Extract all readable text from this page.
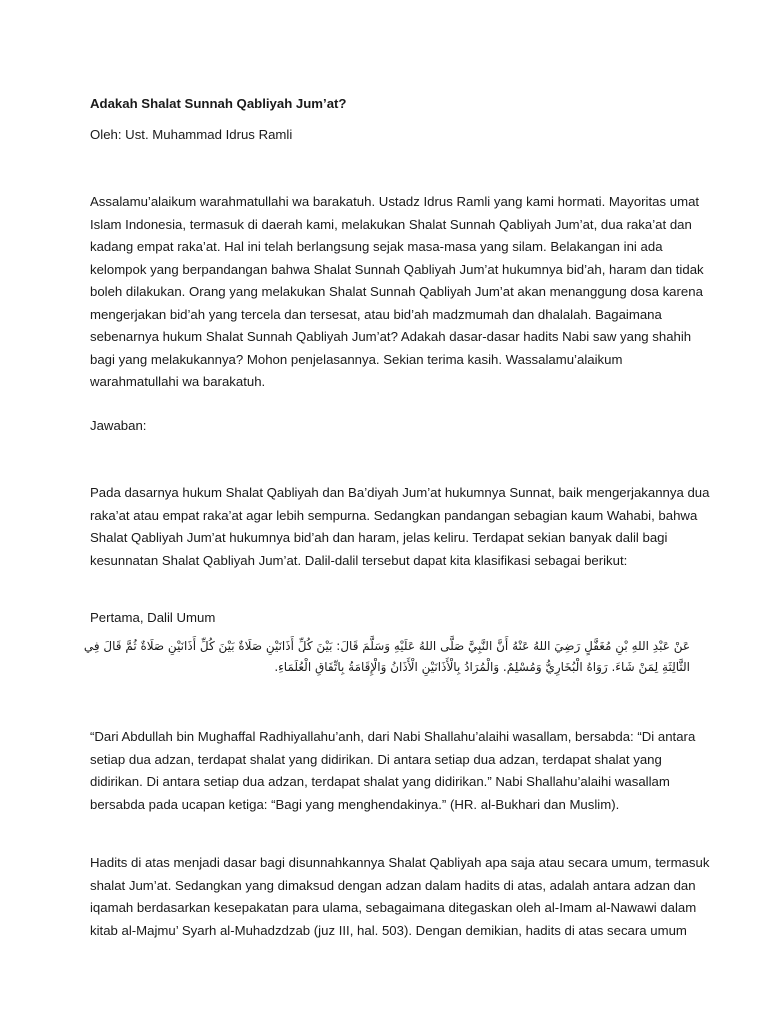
Adakah Shalat Sunnah Qabliyah Jum’at?

Oleh: Ust. Muhammad Idrus Ramli

Assalamu’alaikum warahmatullahi wa barakatuh. Ustadz Idrus Ramli yang kami hormati. Mayoritas umat

Islam Indonesia, termasuk di daerah kami, melakukan Shalat Sunnah Qabliyah Jum’at, dua raka’at dan

kadang empat raka’at. Hal ini telah berlangsung sejak masa-masa yang silam. Belakangan ini ada

kelompok yang berpandangan bahwa Shalat Sunnah Qabliyah Jum’at hukumnya bid’ah, haram dan tidak

boleh dilakukan. Orang yang melakukan Shalat Sunnah Qabliyah Jum’at akan menanggung dosa karena

mengerjakan bid’ah yang tercela dan tersesat, atau bid’ah madzmumah dan dhalalah. Bagaimana

sebenarnya hukum Shalat Sunnah Qabliyah Jum’at? Adakah dasar-dasar hadits Nabi saw yang shahih

bagi yang melakukannya? Mohon penjelasannya. Sekian terima kasih. Wassalamu’alaikum

warahmatullahi wa barakatuh.

Jawaban:

Pada dasarnya hukum Shalat Qabliyah dan Ba’diyah Jum’at hukumnya Sunnat, baik mengerjakannya dua

raka’at atau empat raka’at agar lebih sempurna. Sedangkan pandangan sebagian kaum Wahabi, bahwa

Shalat Qabliyah Jum’at hukumnya bid’ah dan haram, jelas keliru. Terdapat sekian banyak dalil bagi

kesunnatan Shalat Qabliyah Jum’at. Dalil-dalil tersebut dapat kita klasifikasi sebagai berikut:

Pertama, Dalil Umum

عَنْ عَبْدِ اللهِ بْنِ مُغَفَّلٍ رَضِيَ اللهُ عَنْهُ أَنَّ النَّبِيَّ صَلَّى اللهُ عَلَيْهِ وَسَلَّمَ قَالَ: بَيْنَ كُلِّ أَذَانَيْنِ صَلَاةٌ بَيْنَ كُلِّ أَذَانَيْنِ صَلَاةٌ ثُمَّ قَالَ فِي

الثَّالِثَةِ لِمَنْ شَاءَ. رَوَاهُ الْبُخَارِيُّ وَمُسْلِمٌ. وَالْمُرَادُ بِالْأَذَانَيْنِ الْأَذَانُ وَالْإِقَامَةُ بِاتِّفَاقِ الْعُلَمَاءِ.

“Dari Abdullah bin Mughaffal Radhiyallahu’anh, dari Nabi Shallahu’alaihi wasallam, bersabda: “Di antara

setiap dua adzan, terdapat shalat yang didirikan. Di antara setiap dua adzan, terdapat shalat yang

didirikan. Di antara setiap dua adzan, terdapat shalat yang didirikan.” Nabi Shallahu’alaihi wasallam

bersabda pada ucapan ketiga: “Bagi yang menghendakinya.” (HR. al-Bukhari dan Muslim).

Hadits di atas menjadi dasar bagi disunnahkannya Shalat Qabliyah apa saja atau secara umum, termasuk

shalat Jum’at. Sedangkan yang dimaksud dengan adzan dalam hadits di atas, adalah antara adzan dan

iqamah berdasarkan kesepakatan para ulama, sebagaimana ditegaskan oleh al-Imam al-Nawawi dalam

kitab al-Majmu’ Syarh al-Muhadzdzab (juz III, hal. 503). Dengan demikian, hadits di atas secara umum
